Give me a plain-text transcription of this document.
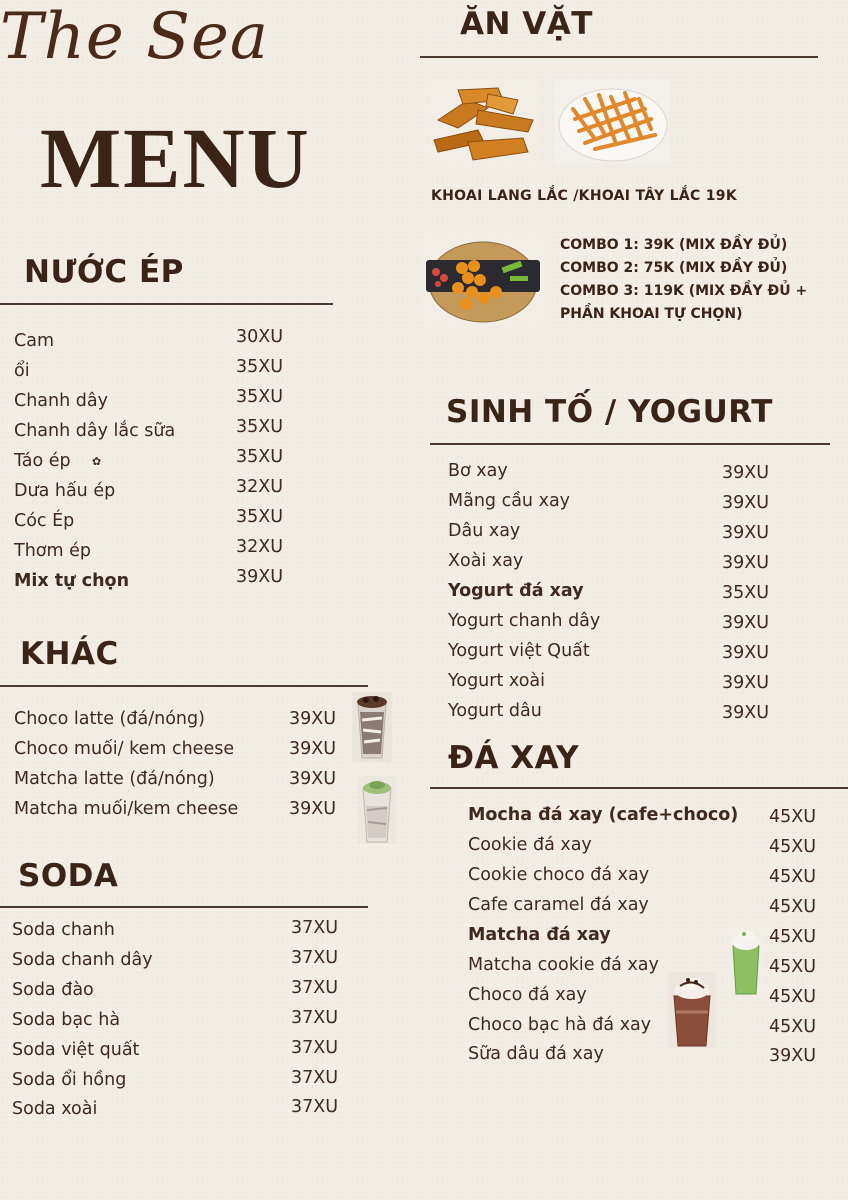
The Sea
MENU
NƯỚC ÉP
Cam	30XU
ổi	35XU
Chanh dây	35XU
Chanh dây lắc sữa	35XU
Táo ép ✿	35XU
Dưa hấu ép	32XU
Cóc Ép	35XU
Thơm ép	32XU
Mix tự chọn	39XU
KHÁC
Choco latte (đá/nóng)	39XU
Choco muối/ kem cheese	39XU
Matcha latte (đá/nóng)	39XU
Matcha muối/kem cheese	39XU
SODA
Soda chanh	37XU
Soda chanh dây	37XU
Soda đào	37XU
Soda bạc hà	37XU
Soda việt quất	37XU
Soda ổi hồng	37XU
Soda xoài	37XU
ĂN VẶT
KHOAI LANG LẮC /KHOAI TÂY LẮC 19K
COMBO 1: 39K (MIX ĐẦY ĐỦ)
COMBO 2: 75K (MIX ĐẦY ĐỦ)
COMBO 3: 119K (MIX ĐẦY ĐỦ +
PHẦN KHOAI TỰ CHỌN)
SINH TỐ / YOGURT
Bơ xay	39XU
Mãng cầu xay	39XU
Dâu xay	39XU
Xoài xay	39XU
Yogurt đá xay	35XU
Yogurt chanh dây	39XU
Yogurt việt Quất	39XU
Yogurt xoài	39XU
Yogurt dâu	39XU
ĐÁ XAY
Mocha đá xay (cafe+choco) 45XU
Cookie đá xay	45XU
Cookie choco đá xay	45XU
Cafe caramel đá xay	45XU
Matcha đá xay	45XU
Matcha cookie đá xay	45XU
Choco đá xay	45XU
Choco bạc hà đá xay	45XU
Sữa dâu đá xay	39XU
